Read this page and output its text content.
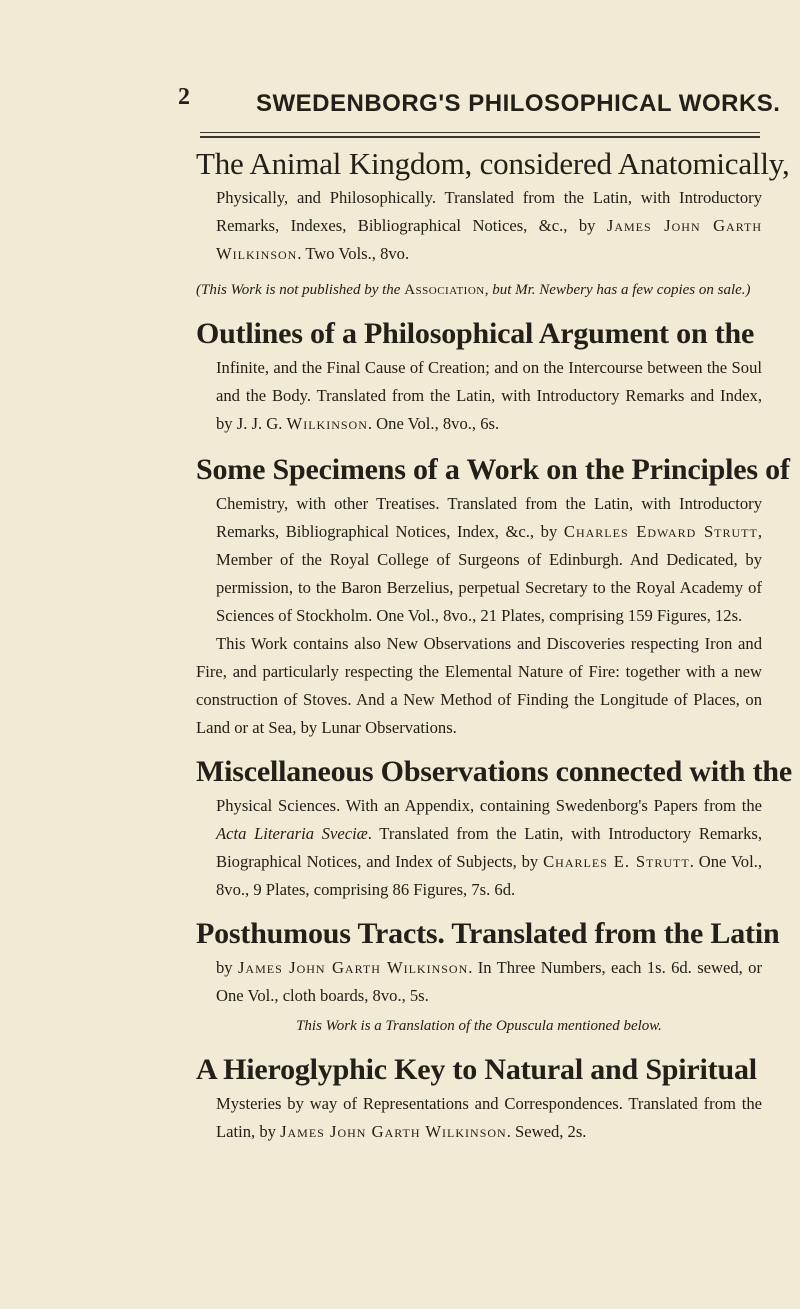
2	SWEDENBORG'S PHILOSOPHICAL WORKS.
The Animal Kingdom, considered Anatomically,

Physically, and Philosophically. Translated from the Latin, with Introductory Remarks, Indexes, Bibliographical Notices, &c., by James John Garth Wilkinson. Two Vols., 8vo.

(This Work is not published by the Association, but Mr. Newbery has a few copies on sale.)

Outlines of a Philosophical Argument on the

Infinite, and the Final Cause of Creation; and on the Intercourse between the Soul and the Body. Translated from the Latin, with Introductory Remarks and Index, by J. J. G. Wilkinson. One Vol., 8vo., 6s.

Some Specimens of a Work on the Principles of

Chemistry, with other Treatises. Translated from the Latin, with Introductory Remarks, Bibliographical Notices, Index, &c., by Charles Edward Strutt, Member of the Royal College of Surgeons of Edinburgh. And Dedicated, by permission, to the Baron Berzelius, perpetual Secretary to the Royal Academy of Sciences of Stockholm. One Vol., 8vo., 21 Plates, comprising 159 Figures, 12s.

This Work contains also New Observations and Discoveries respecting Iron and Fire, and particularly respecting the Elemental Nature of Fire: together with a new construction of Stoves. And a New Method of Finding the Longitude of Places, on Land or at Sea, by Lunar Observations.

Miscellaneous Observations connected with the

Physical Sciences. With an Appendix, containing Swedenborg's Papers from the Acta Literaria Sveciæ. Translated from the Latin, with Introductory Remarks, Biographical Notices, and Index of Subjects, by Charles E. Strutt. One Vol., 8vo., 9 Plates, comprising 86 Figures, 7s. 6d.

Posthumous Tracts. Translated from the Latin

by James John Garth Wilkinson. In Three Numbers, each 1s. 6d. sewed, or One Vol., cloth boards, 8vo., 5s.

This Work is a Translation of the Opuscula mentioned below.

A Hieroglyphic Key to Natural and Spiritual

Mysteries by way of Representations and Correspondences. Translated from the Latin, by James John Garth Wilkinson. Sewed, 2s.
